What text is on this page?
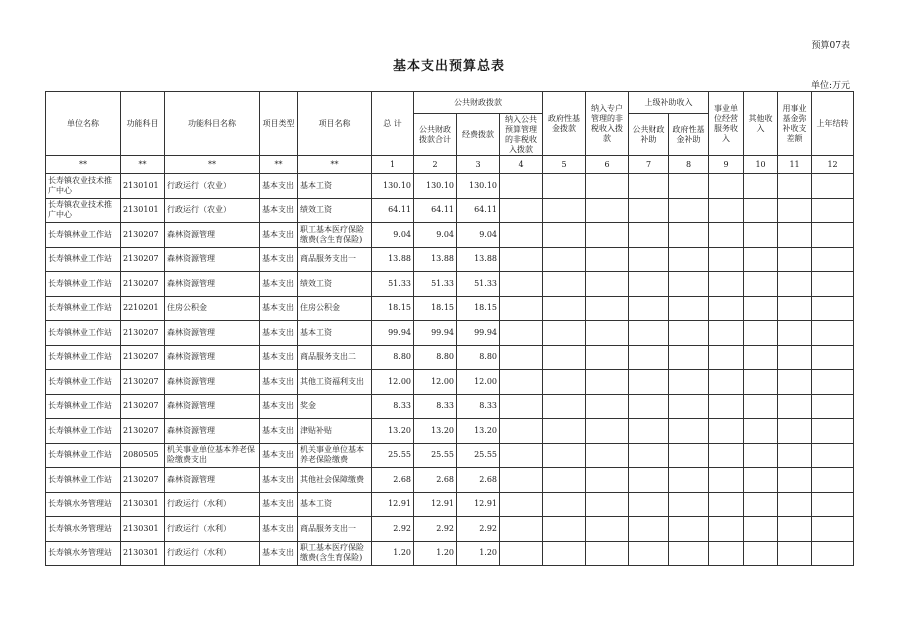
预算07表
基本支出预算总表
单位:万元
单位名称	功能科目	功能科目名称	项目类型	项目名称	总 计	公共财政拨款			政府性基金拨款	纳入专户管理的非税收入拨款	上级补助收入		事业单位经营服务收入	其他收入	用事业基金弥补收支差额	上年结转
						公共财政拨款合计	经费拨款	纳入公共预算管理的非税收入拨款			公共财政补助	政府性基金补助				
**	**	**	**	**	1	2	3	4	5	6	7	8	9	10	11	12
长寿镇农业技术推广中心	2130101	行政运行（农业）	基本支出	基本工资	130.10	130.10	130.10									
长寿镇农业技术推广中心	2130101	行政运行（农业）	基本支出	绩效工资	64.11	64.11	64.11									
长寿镇林业工作站	2130207	森林资源管理	基本支出	职工基本医疗保险缴费(含生育保险)	9.04	9.04	9.04									
长寿镇林业工作站	2130207	森林资源管理	基本支出	商品服务支出一	13.88	13.88	13.88									
长寿镇林业工作站	2130207	森林资源管理	基本支出	绩效工资	51.33	51.33	51.33									
长寿镇林业工作站	2210201	住房公积金	基本支出	住房公积金	18.15	18.15	18.15									
长寿镇林业工作站	2130207	森林资源管理	基本支出	基本工资	99.94	99.94	99.94									
长寿镇林业工作站	2130207	森林资源管理	基本支出	商品服务支出二	8.80	8.80	8.80									
长寿镇林业工作站	2130207	森林资源管理	基本支出	其他工资福利支出	12.00	12.00	12.00									
长寿镇林业工作站	2130207	森林资源管理	基本支出	奖金	8.33	8.33	8.33									
长寿镇林业工作站	2130207	森林资源管理	基本支出	津贴补贴	13.20	13.20	13.20									
长寿镇林业工作站	2080505	机关事业单位基本养老保险缴费支出	基本支出	机关事业单位基本养老保险缴费	25.55	25.55	25.55									
长寿镇林业工作站	2130207	森林资源管理	基本支出	其他社会保障缴费	2.68	2.68	2.68									
长寿镇水务管理站	2130301	行政运行（水利）	基本支出	基本工资	12.91	12.91	12.91									
长寿镇水务管理站	2130301	行政运行（水利）	基本支出	商品服务支出一	2.92	2.92	2.92									
长寿镇水务管理站	2130301	行政运行（水利）	基本支出	职工基本医疗保险缴费(含生育保险)	1.20	1.20	1.20									
